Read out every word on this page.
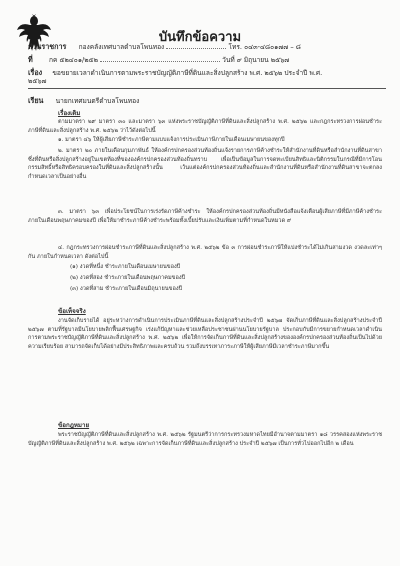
บันทึกข้อความ
ส่วนราชการ กองคลังเทศบาลตำบลโพนทอง	โทร. ๐๔๓-๔๘๐๑๗๗ – ๘
ที่ กค ๕๒๔๐๑/๒๕๒	วันที่ ๙ มิถุนายน ๒๕๖๗
เรื่อง ขอขยายเวลาดำเนินการตามพระราชบัญญัติภาษีที่ดินและสิ่งปลูกสร้าง พ.ศ. ๒๕๖๒ ประจำปี พ.ศ.
๒๕๖๗
เรียน นายกเทศมนตรีตำบลโพนทอง
เรื่องเดิม
ตามมาตรา ๒๙ มาตรา ๓๐ และมาตรา ๖๓ แห่งพระราชบัญญัติภาษีที่ดินและสิ่งปลูกสร้าง พ.ศ. ๒๕๖๒ และกฎกระทรวงการผ่อนชำระภาษีที่ดินและสิ่งปลูกสร้าง พ.ศ. ๒๕๖๒ ว่าไว้ดังต่อไปนี้
๑. มาตรา ๔๖ ให้ผู้เสียภาษีชำระภาษีตามแบบแจ้งการประเมินภาษีภายในเดือนเมษายนของทุกปี
๒. มาตรา ๒๐ ภายในเดือนกุมภาพันธ์ ให้องค์กรปกครองส่วนท้องถิ่นแจ้งรายการภาษีค้างชำระให้สำนักงานที่ดินหรือสำนักงานที่ดินสาขา ซึ่งที่ดินหรือสิ่งปลูกสร้างอยู่ในเขตท้องที่ขององค์กรปกครองส่วนท้องถิ่นทราบ เพื่อเป็นข้อมูลในการจดทะเบียนสิทธิและนิติกรรมในกรณีที่มีการโอนกรรมสิทธิ์หรือสิทธิครอบครองในที่ดินและสิ่งปลูกสร้างนั้น เว้นแต่องค์กรปกครองส่วนท้องถิ่นและสำนักงานที่ดินหรือสำนักงานที่ดินสาขาจะตกลงกำหนดเวลาเป็นอย่างอื่น
๓. มาตรา ๖๓ เพื่อประโยชน์ในการเร่งรัดภาษีค้างชำระ ให้องค์กรปกครองส่วนท้องถิ่นมีหนังสือแจ้งเตือนผู้เสียภาษีที่มีภาษีค้างชำระภายในเดือนพฤษภาคมของปี เพื่อให้มาชำระภาษีค้างชำระพร้อมทั้งเบี้ยปรับและเงินเพิ่มตามที่กำหนดในหมวด ๙
๔. กฎกระทรวงการผ่อนชำระภาษีที่ดินและสิ่งปลูกสร้าง พ.ศ. ๒๕๖๒ ข้อ ๓ การผ่อนชำระภาษีให้แบ่งชำระได้ไม่เกินสามงวด งวดละเท่าๆ กัน ภายในกำหนดเวลา ดังต่อไปนี้
(๑) งวดที่หนึ่ง ชำระภายในเดือนเมษายนของปี
(๒) งวดที่สอง ชำระภายในเดือนพฤษภาคมของปี
(๓) งวดที่สาม ชำระภายในเดือนมิถุนายนของปี
ข้อเท็จจริง
งานจัดเก็บรายได้ อยู่ระหว่างการดำเนินการประเมินภาษีที่ดินและสิ่งปลูกสร้างประจำปี ๒๕๖๗ จัดเก็บภาษีที่ดินและสิ่งปลูกสร้างประจำปี ๒๕๖๗ ตามที่รัฐบาลมีนโยบายพลิกฟื้นเศรษฐกิจ เร่งแก้ปัญหาและช่วยเหลือประชาชนผ่านนโยบายรัฐบาล ประกอบกับมีการขยายกำหนดเวลาดำเนินการตามพระราชบัญญัติภาษีที่ดินและสิ่งปลูกสร้าง พ.ศ. ๒๕๖๒ เพื่อให้การจัดเก็บภาษีที่ดินและสิ่งปลูกสร้างขององค์กรปกครองส่วนท้องถิ่นเป็นไปด้วยความเรียบร้อย สามารถจัดเก็บได้อย่างมีประสิทธิภาพและครบถ้วน รวมถึงบรรเทาภาระภาษีให้ผู้เสียภาษีมีเวลาชำระภาษีมากขึ้น
ข้อกฎหมาย
พระราชบัญญัติภาษีที่ดินและสิ่งปลูกสร้าง พ.ศ. ๒๕๖๒ รัฐมนตรีว่าการกระทรวงมหาดไทยมีอำนาจตามมาตรา ๑๘ วรรคสองแห่งพระราชบัญญัติภาษีที่ดินและสิ่งปลูกสร้าง พ.ศ. ๒๕๖๒ เฉพาะการจัดเก็บภาษีที่ดินและสิ่งปลูกสร้าง ประจำปี ๒๕๖๗ เป็นการทั่วไปออกไปอีก ๒ เดือน
